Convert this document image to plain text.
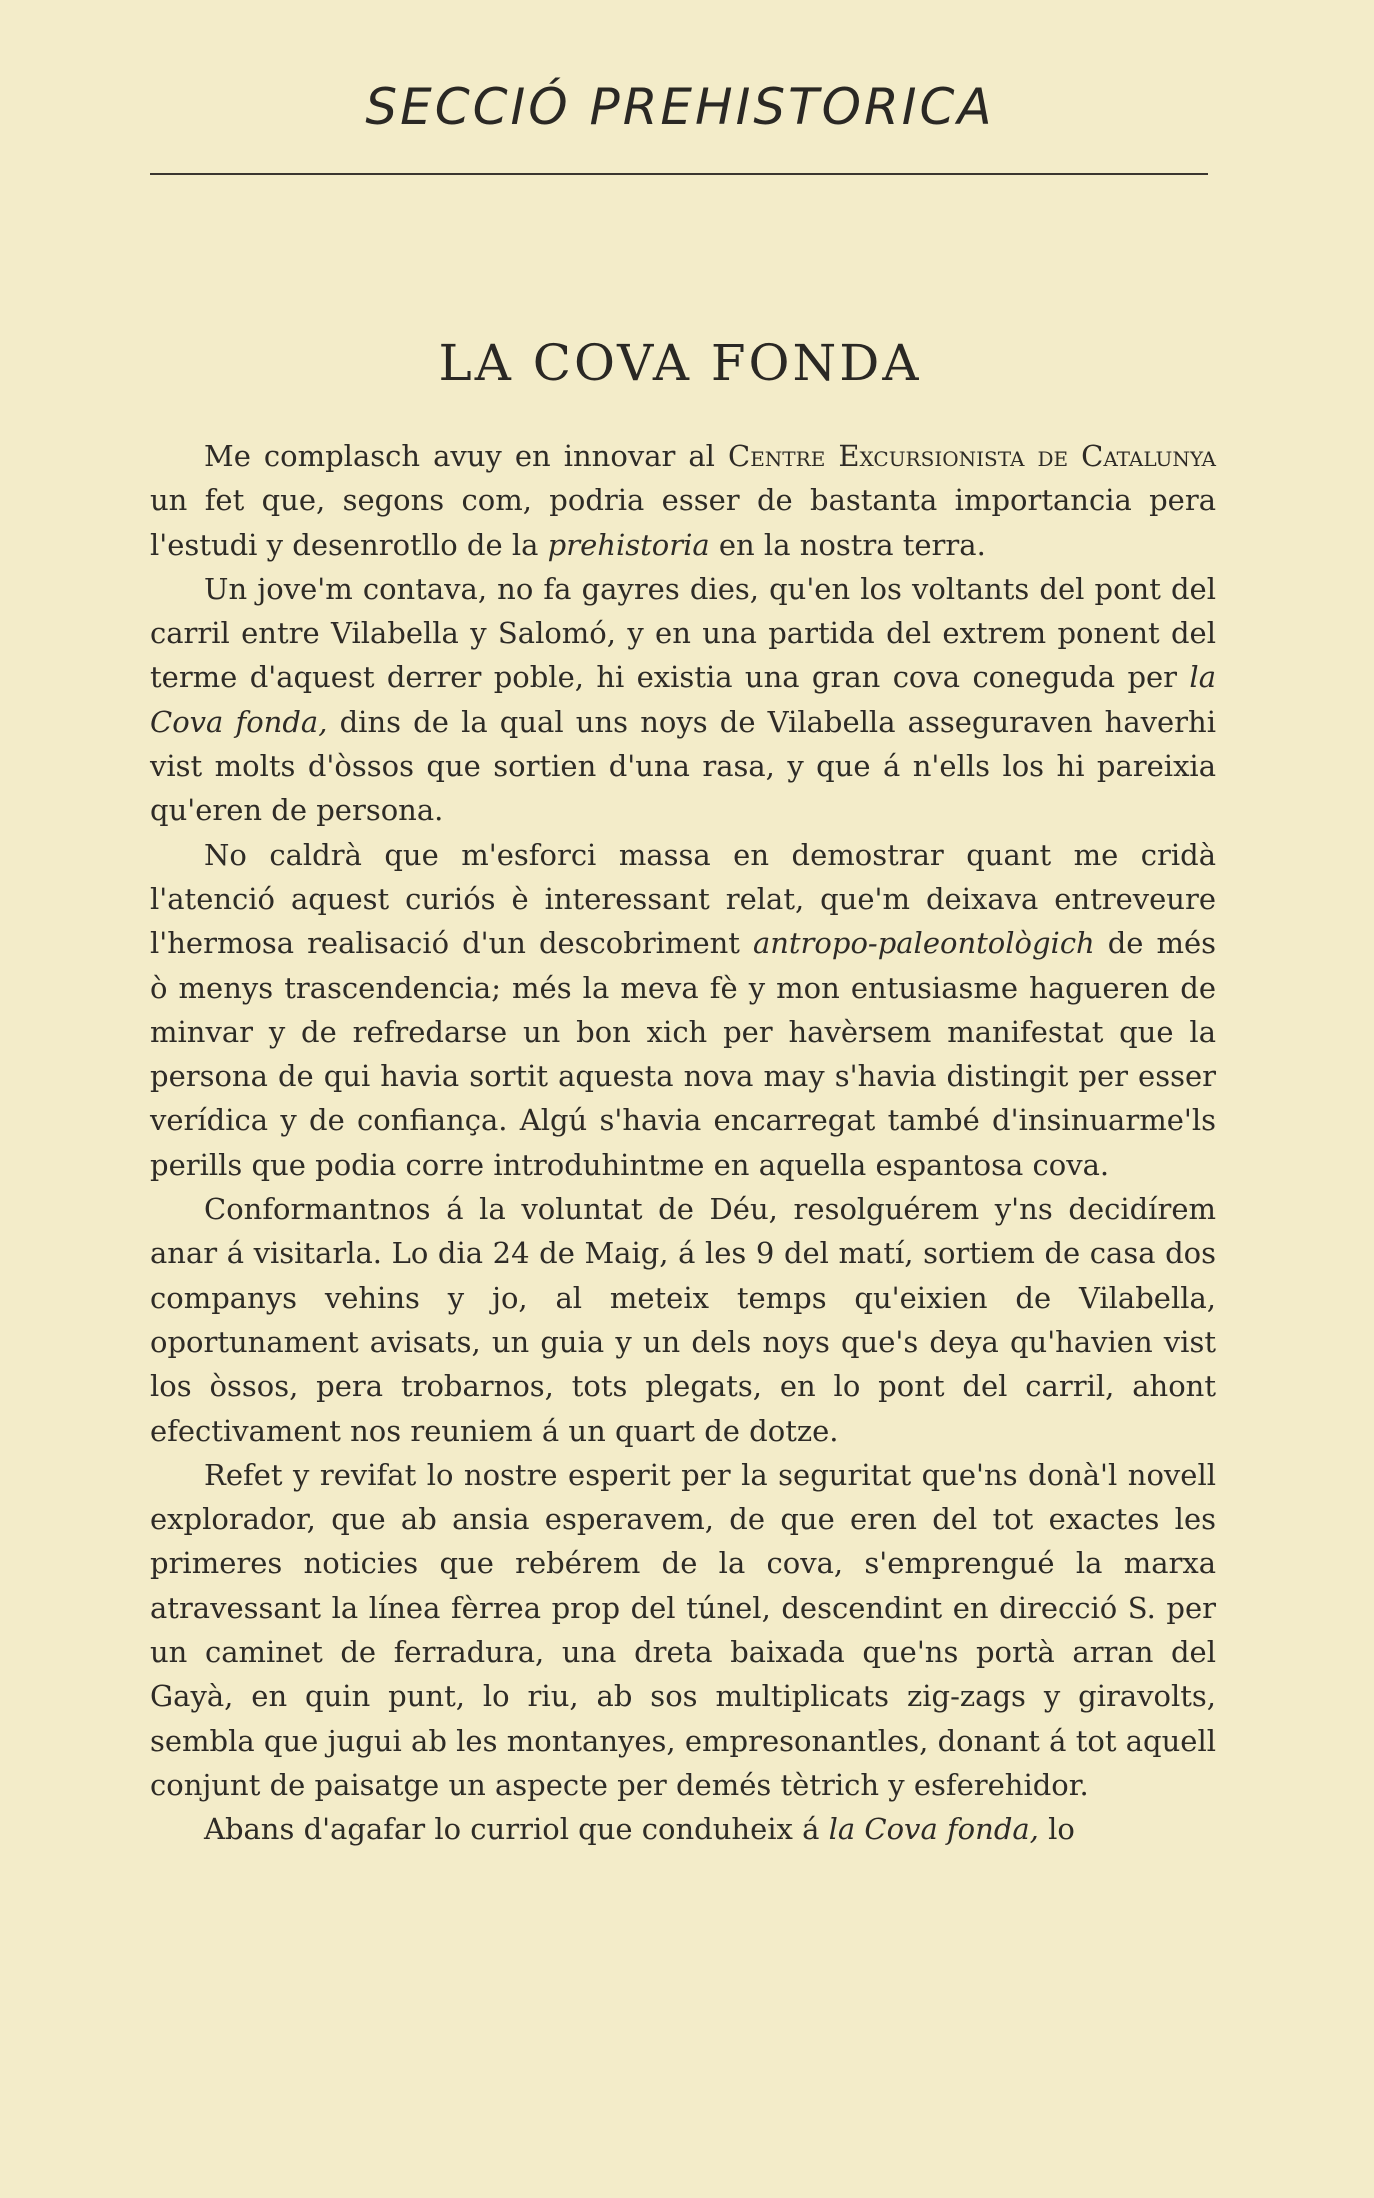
SECCIÓ PREHISTORICA
LA COVA FONDA

Me complasch avuy en innovar al Centre Excursionista de Catalunya un fet que, segons com, podria esser de bastanta importancia pera l'estudi y desenrotllo de la prehistoria en la nostra terra.

Un jove'm contava, no fa gayres dies, qu'en los voltants del pont del carril entre Vilabella y Salomó, y en una partida del extrem ponent del terme d'aquest derrer poble, hi existia una gran cova coneguda per la Cova fonda, dins de la qual uns noys de Vilabella asseguraven haverhi vist molts d'òssos que sortien d'una rasa, y que á n'ells los hi pareixia qu'eren de persona.

No caldrà que m'esforci massa en demostrar quant me cridà l'atenció aquest curiós è interessant relat, que'm deixava entreveure l'hermosa realisació d'un descobriment antropo-paleontològich de més ò menys trascendencia; més la meva fè y mon entusiasme hagueren de minvar y de refredarse un bon xich per havèrsem manifestat que la persona de qui havia sortit aquesta nova may s'havia distingit per esser verídica y de confiança. Algú s'havia encarregat també d'insinuarme'ls perills que podia corre introduhintme en aquella espantosa cova.

Conformantnos á la voluntat de Déu, resolguérem y'ns decidírem anar á visitarla. Lo dia 24 de Maig, á les 9 del matí, sortiem de casa dos companys vehins y jo, al meteix temps qu'eixien de Vilabella, oportunament avisats, un guia y un dels noys que's deya qu'havien vist los òssos, pera trobarnos, tots plegats, en lo pont del carril, ahont efectivament nos reuniem á un quart de dotze.

Refet y revifat lo nostre esperit per la seguritat que'ns donà'l novell explorador, que ab ansia esperavem, de que eren del tot exactes les primeres noticies que rebérem de la cova, s'emprengué la marxa atravessant la línea fèrrea prop del túnel, descendint en direcció S. per un caminet de ferradura, una dreta baixada que'ns portà arran del Gayà, en quin punt, lo riu, ab sos multiplicats zig-zags y giravolts, sembla que jugui ab les montanyes, empresonantles, donant á tot aquell conjunt de paisatge un aspecte per demés tètrich y esferehidor.

Abans d'agafar lo curriol que conduheix á la Cova fonda, lo
